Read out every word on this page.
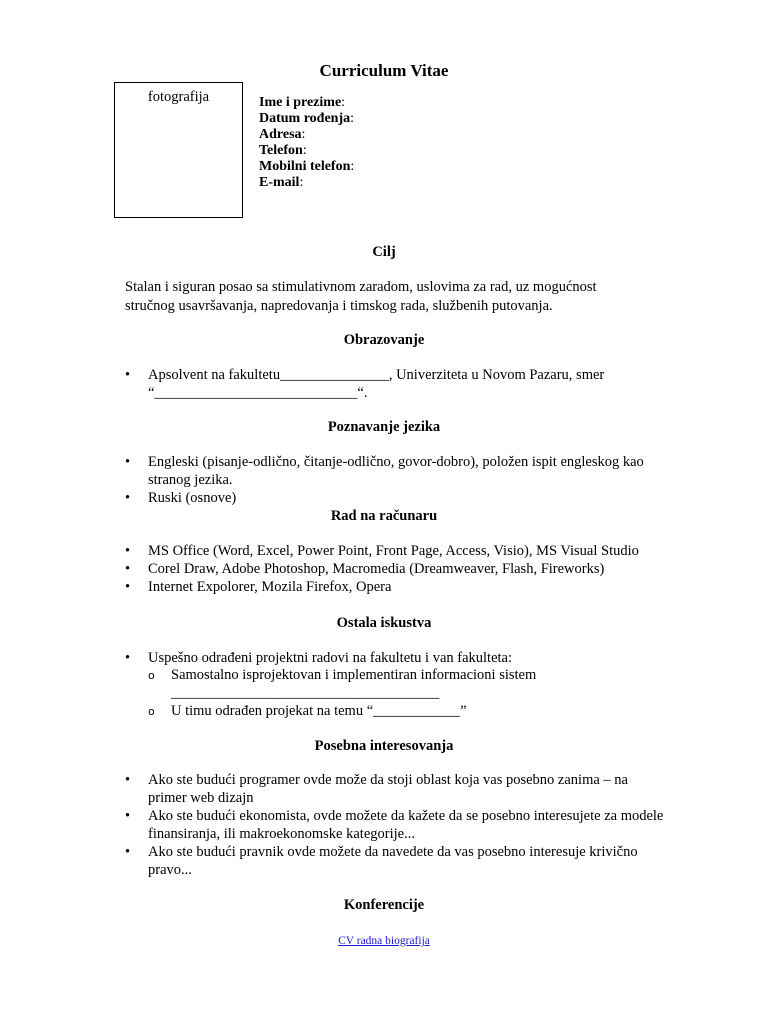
Curriculum Vitae
fotografija	Ime i prezime:
Datum rođenja:
Adresa:
Telefon:
Mobilni telefon:
E-mail:
Cilj
Stalan i siguran posao sa stimulativnom zaradom, uslovima za rad, uz mogućnost stručnog usavršavanja, napredovanja i timskog rada, službenih putovanja.
Obrazovanje
•	Apsolvent na fakultetu_______________, Univerziteta u Novom Pazaru, smer “____________________________“.
Poznavanje jezika
•	Engleski (pisanje-odlično, čitanje-odlično, govor-dobro), položen ispit engleskog kao stranog jezika.
•	Ruski (osnove)
Rad na računaru
•	MS Office (Word, Excel, Power Point, Front Page, Access, Visio), MS Visual Studio
•	Corel Draw, Adobe Photoshop, Macromedia (Dreamweaver, Flash, Fireworks)
•	Internet Expolorer, Mozila Firefox, Opera
Ostala iskustva
•	Uspešno odrađeni projektni radovi na fakultetu i van fakulteta:
o Samostalno isprojektovan i implementiran informacioni sistem
_____________________________________
o U timu odrađen projekat na temu “____________”
Posebna interesovanja
•	Ako ste budući programer ovde može da stoji oblast koja vas posebno zanima – na primer web dizajn
•	Ako ste budući ekonomista, ovde možete da kažete da se posebno interesujete za modele finansiranja, ili makroekonomske kategorije...
•	Ako ste budući pravnik ovde možete da navedete da vas posebno interesuje krivično pravo...
Konferencije
CV radna biografija
